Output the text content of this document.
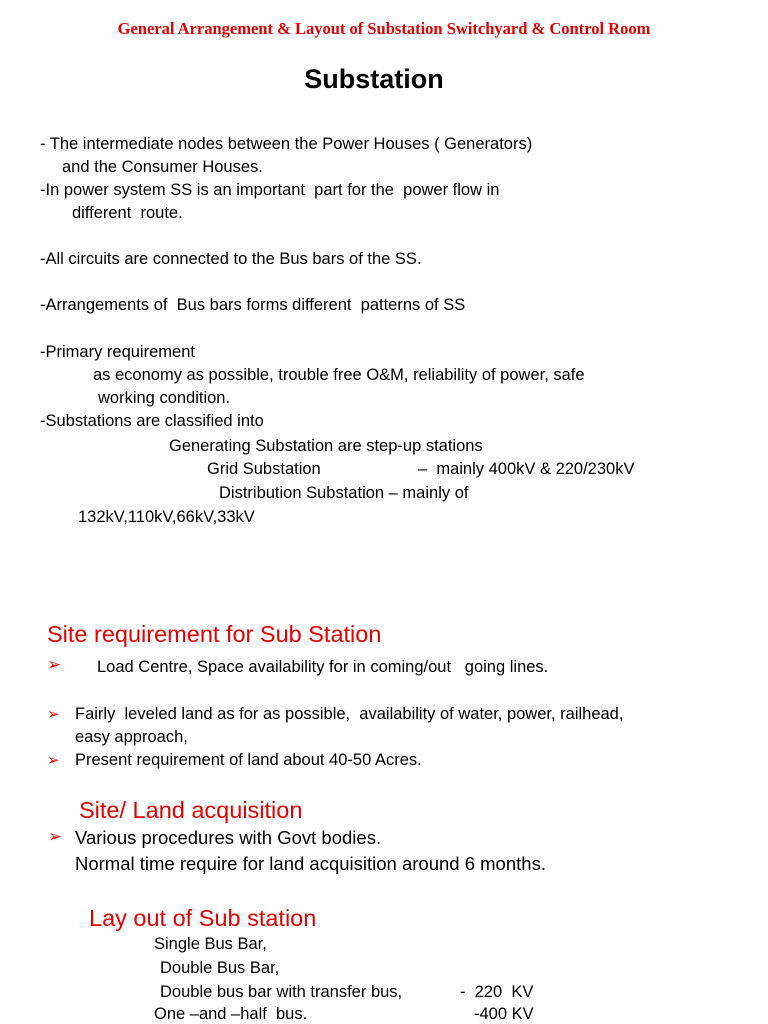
General Arrangement & Layout of Substation Switchyard & Control Room
Substation
- The intermediate nodes between the Power Houses ( Generators)
and the Consumer Houses.
-In power system SS is an important  part for the  power flow in
different  route.
-All circuits are connected to the Bus bars of the SS.
-Arrangements of  Bus bars forms different  patterns of SS
-Primary requirement
as economy as possible, trouble free O&M, reliability of power, safe
working condition.
-Substations are classified into
Generating Substation are step-up stations
Grid Substation	–  mainly 400kV & 220/230kV
Distribution Substation – mainly of
132kV,110kV,66kV,33kV
Site requirement for Sub Station
➢ Load Centre, Space availability for in coming/out   going lines.
➢ Fairly  leveled land as for as possible,  availability of water, power, railhead,
easy approach,
➢ Present requirement of land about 40-50 Acres.
Site/ Land acquisition
➢ Various procedures with Govt bodies.
Normal time require for land acquisition around 6 months.
Lay out of Sub station
Single Bus Bar,
Double Bus Bar,
Double bus bar with transfer bus,	-  220  KV
One –and –half  bus.	-400 KV
